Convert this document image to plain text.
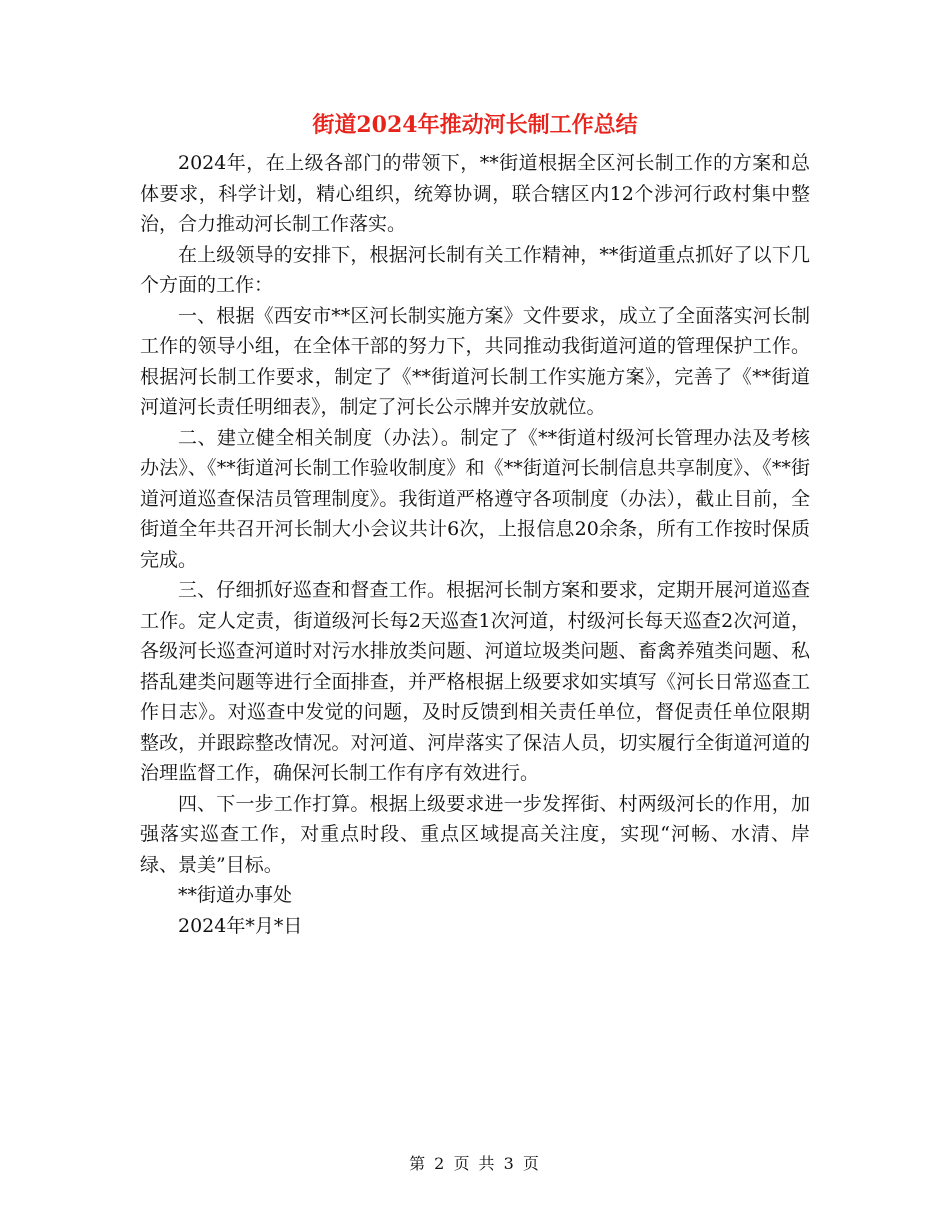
街道2024年推动河长制工作总结

2024年，在上级各部门的带领下，**街道根据全区河长制工作的方案和总体要求，科学计划，精心组织，统筹协调，联合辖区内12个涉河行政村集中整治，合力推动河长制工作落实。

在上级领导的安排下，根据河长制有关工作精神，**街道重点抓好了以下几个方面的工作：

一、根据《西安市**区河长制实施方案》文件要求，成立了全面落实河长制工作的领导小组，在全体干部的努力下，共同推动我街道河道的管理保护工作。根据河长制工作要求，制定了《**街道河长制工作实施方案》，完善了《**街道河道河长责任明细表》，制定了河长公示牌并安放就位。

二、建立健全相关制度（办法）。制定了《**街道村级河长管理办法及考核办法》、《**街道河长制工作验收制度》和《**街道河长制信息共享制度》、《**街道河道巡查保洁员管理制度》。我街道严格遵守各项制度（办法），截止目前，全街道全年共召开河长制大小会议共计6次，上报信息20余条，所有工作按时保质完成。

三、仔细抓好巡查和督查工作。根据河长制方案和要求，定期开展河道巡查工作。定人定责，街道级河长每2天巡查1次河道，村级河长每天巡查2次河道，各级河长巡查河道时对污水排放类问题、河道垃圾类问题、畜禽养殖类问题、私搭乱建类问题等进行全面排查，并严格根据上级要求如实填写《河长日常巡查工作日志》。对巡查中发觉的问题，及时反馈到相关责任单位，督促责任单位限期整改，并跟踪整改情况。对河道、河岸落实了保洁人员，切实履行全街道河道的治理监督工作，确保河长制工作有序有效进行。

四、下一步工作打算。根据上级要求进一步发挥街、村两级河长的作用，加强落实巡查工作，对重点时段、重点区域提高关注度，实现“河畅、水清、岸绿、景美”目标。

**街道办事处

2024年*月*日

第 2 页 共 3 页
